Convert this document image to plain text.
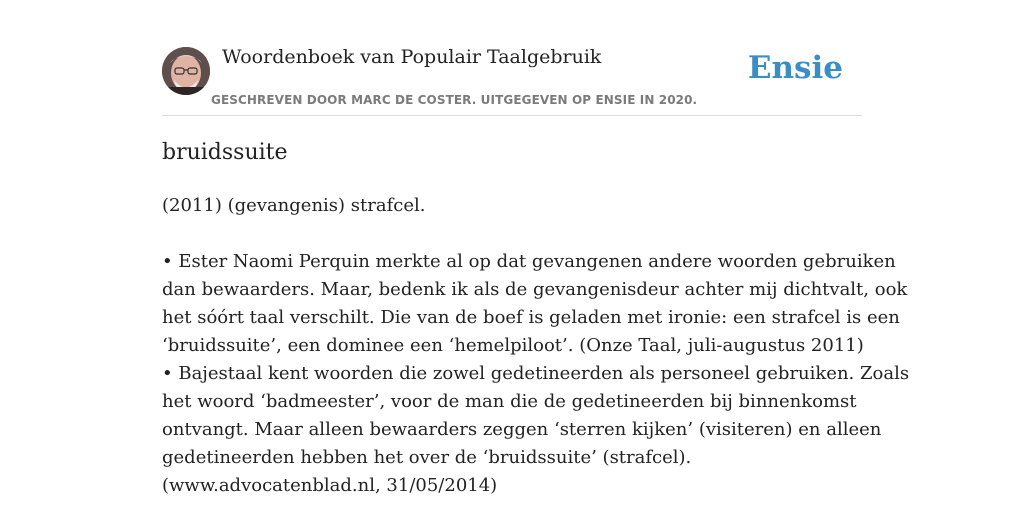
Woordenboek van Populair Taalgebruik
GESCHREVEN DOOR MARC DE COSTER. UITGEGEVEN OP ENSIE IN 2020.
Ensie
bruidssuite
(2011) (gevangenis) strafcel.
• Ester Naomi Perquin merkte al op dat gevangenen andere woorden gebruiken
dan bewaarders. Maar, bedenk ik als de gevangenisdeur achter mij dichtvalt, ook
het sóórt taal verschilt. Die van de boef is geladen met ironie: een strafcel is een
‘bruidssuite’, een dominee een ‘hemelpiloot’. (Onze Taal, juli-augustus 2011)
• Bajestaal kent woorden die zowel gedetineerden als personeel gebruiken. Zoals
het woord ‘badmeester’, voor de man die de gedetineerden bij binnenkomst
ontvangt. Maar alleen bewaarders zeggen ‘sterren kijken’ (visiteren) en alleen
gedetineerden hebben het over de ‘bruidssuite’ (strafcel).
(www.advocatenblad.nl, 31/05/2014)
